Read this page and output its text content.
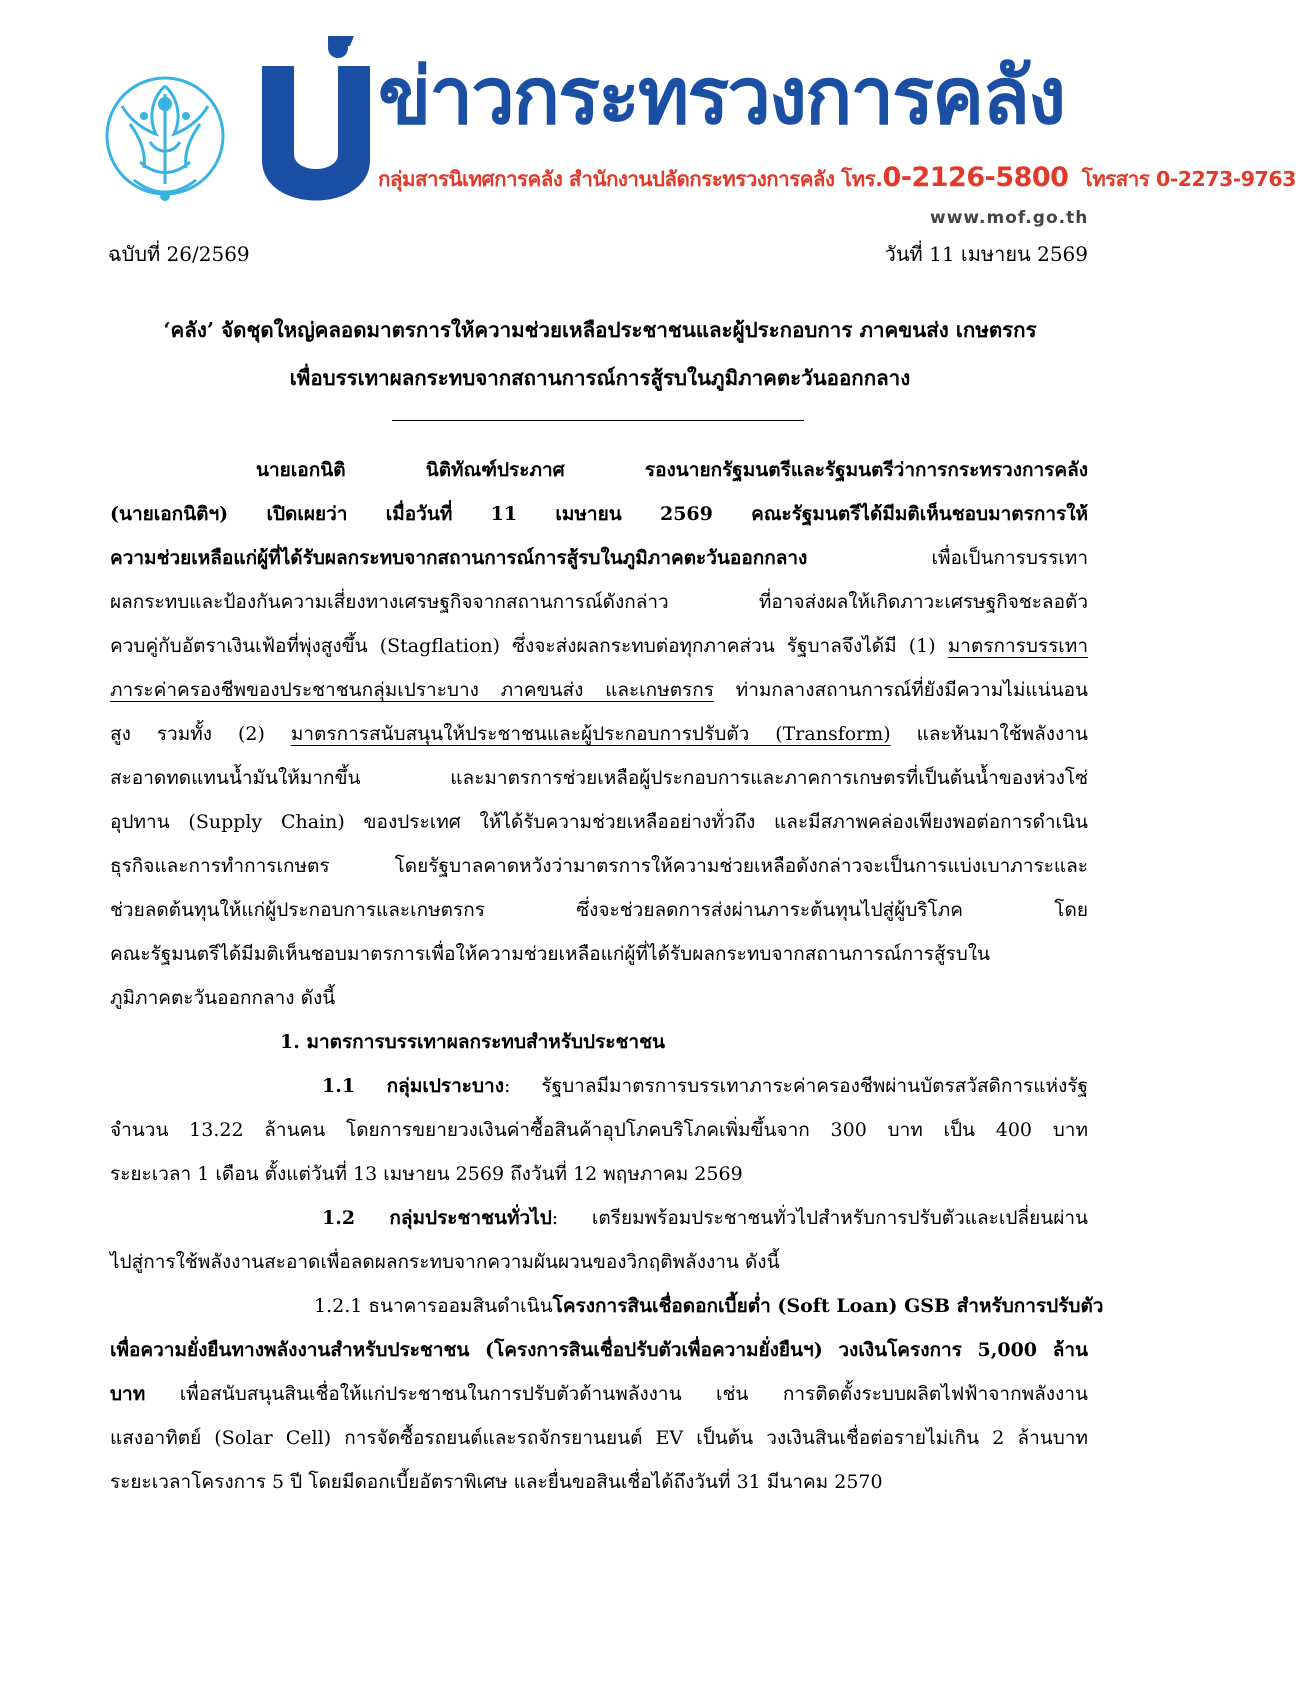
ข่าวกระทรวงการคลัง
กลุ่มสารนิเทศการคลัง สำนักงานปลัดกระทรวงการคลัง โทร.0-2126-5800 โทรสาร 0-2273-9763
www.mof.go.th
ฉบับที่ 26/2569	วันที่ 11 เมษายน 2569
‘คลัง’ จัดชุดใหญ่คลอดมาตรการให้ความช่วยเหลือประชาชนและผู้ประกอบการ ภาคขนส่ง เกษตรกร
เพื่อบรรเทาผลกระทบจากสถานการณ์การสู้รบในภูมิภาคตะวันออกกลาง
นายเอกนิติ นิติทัณฑ์ประภาศ รองนายกรัฐมนตรีและรัฐมนตรีว่าการกระทรวงการคลัง
(นายเอกนิติฯ) เปิดเผยว่า เมื่อวันที่ 11 เมษายน 2569 คณะรัฐมนตรีได้มีมติเห็นชอบมาตรการให้
ความช่วยเหลือแก่ผู้ที่ได้รับผลกระทบจากสถานการณ์การสู้รบในภูมิภาคตะวันออกกลาง เพื่อเป็นการบรรเทา
ผลกระทบและป้องกันความเสี่ยงทางเศรษฐกิจจากสถานการณ์ดังกล่าว ที่อาจส่งผลให้เกิดภาวะเศรษฐกิจชะลอตัว
ควบคู่กับอัตราเงินเฟ้อที่พุ่งสูงขึ้น (Stagflation) ซึ่งจะส่งผลกระทบต่อทุกภาคส่วน รัฐบาลจึงได้มี (1) มาตรการบรรเทา
ภาระค่าครองชีพของประชาชนกลุ่มเปราะบาง ภาคขนส่ง และเกษตรกร ท่ามกลางสถานการณ์ที่ยังมีความไม่แน่นอน
สูง รวมทั้ง (2) มาตรการสนับสนุนให้ประชาชนและผู้ประกอบการปรับตัว (Transform) และหันมาใช้พลังงาน
สะอาดทดแทนน้ำมันให้มากขึ้น และมาตรการช่วยเหลือผู้ประกอบการและภาคการเกษตรที่เป็นต้นน้ำของห่วงโซ่
อุปทาน (Supply Chain) ของประเทศ ให้ได้รับความช่วยเหลืออย่างทั่วถึง และมีสภาพคล่องเพียงพอต่อการดำเนิน
ธุรกิจและการทำการเกษตร โดยรัฐบาลคาดหวังว่ามาตรการให้ความช่วยเหลือดังกล่าวจะเป็นการแบ่งเบาภาระและ
ช่วยลดต้นทุนให้แก่ผู้ประกอบการและเกษตรกร ซึ่งจะช่วยลดการส่งผ่านภาระต้นทุนไปสู่ผู้บริโภค โดย
คณะรัฐมนตรีได้มีมติเห็นชอบมาตรการเพื่อให้ความช่วยเหลือแก่ผู้ที่ได้รับผลกระทบจากสถานการณ์การสู้รบใน
ภูมิภาคตะวันออกกลาง ดังนี้
1. มาตรการบรรเทาผลกระทบสำหรับประชาชน
1.1 กลุ่มเปราะบาง: รัฐบาลมีมาตรการบรรเทาภาระค่าครองชีพผ่านบัตรสวัสดิการแห่งรัฐ
จำนวน 13.22 ล้านคน โดยการขยายวงเงินค่าซื้อสินค้าอุปโภคบริโภคเพิ่มขึ้นจาก 300 บาท เป็น 400 บาท
ระยะเวลา 1 เดือน ตั้งแต่วันที่ 13 เมษายน 2569 ถึงวันที่ 12 พฤษภาคม 2569
1.2 กลุ่มประชาชนทั่วไป: เตรียมพร้อมประชาชนทั่วไปสำหรับการปรับตัวและเปลี่ยนผ่าน
ไปสู่การใช้พลังงานสะอาดเพื่อลดผลกระทบจากความผันผวนของวิกฤติพลังงาน ดังนี้
1.2.1 ธนาคารออมสินดำเนินโครงการสินเชื่อดอกเบี้ยต่ำ (Soft Loan) GSB สำหรับการปรับตัว
เพื่อความยั่งยืนทางพลังงานสำหรับประชาชน (โครงการสินเชื่อปรับตัวเพื่อความยั่งยืนฯ) วงเงินโครงการ 5,000 ล้าน
บาท เพื่อสนับสนุนสินเชื่อให้แก่ประชาชนในการปรับตัวด้านพลังงาน เช่น การติดตั้งระบบผลิตไฟฟ้าจากพลังงาน
แสงอาทิตย์ (Solar Cell) การจัดซื้อรถยนต์และรถจักรยานยนต์ EV เป็นต้น วงเงินสินเชื่อต่อรายไม่เกิน 2 ล้านบาท
ระยะเวลาโครงการ 5 ปี โดยมีดอกเบี้ยอัตราพิเศษ และยื่นขอสินเชื่อได้ถึงวันที่ 31 มีนาคม 2570
